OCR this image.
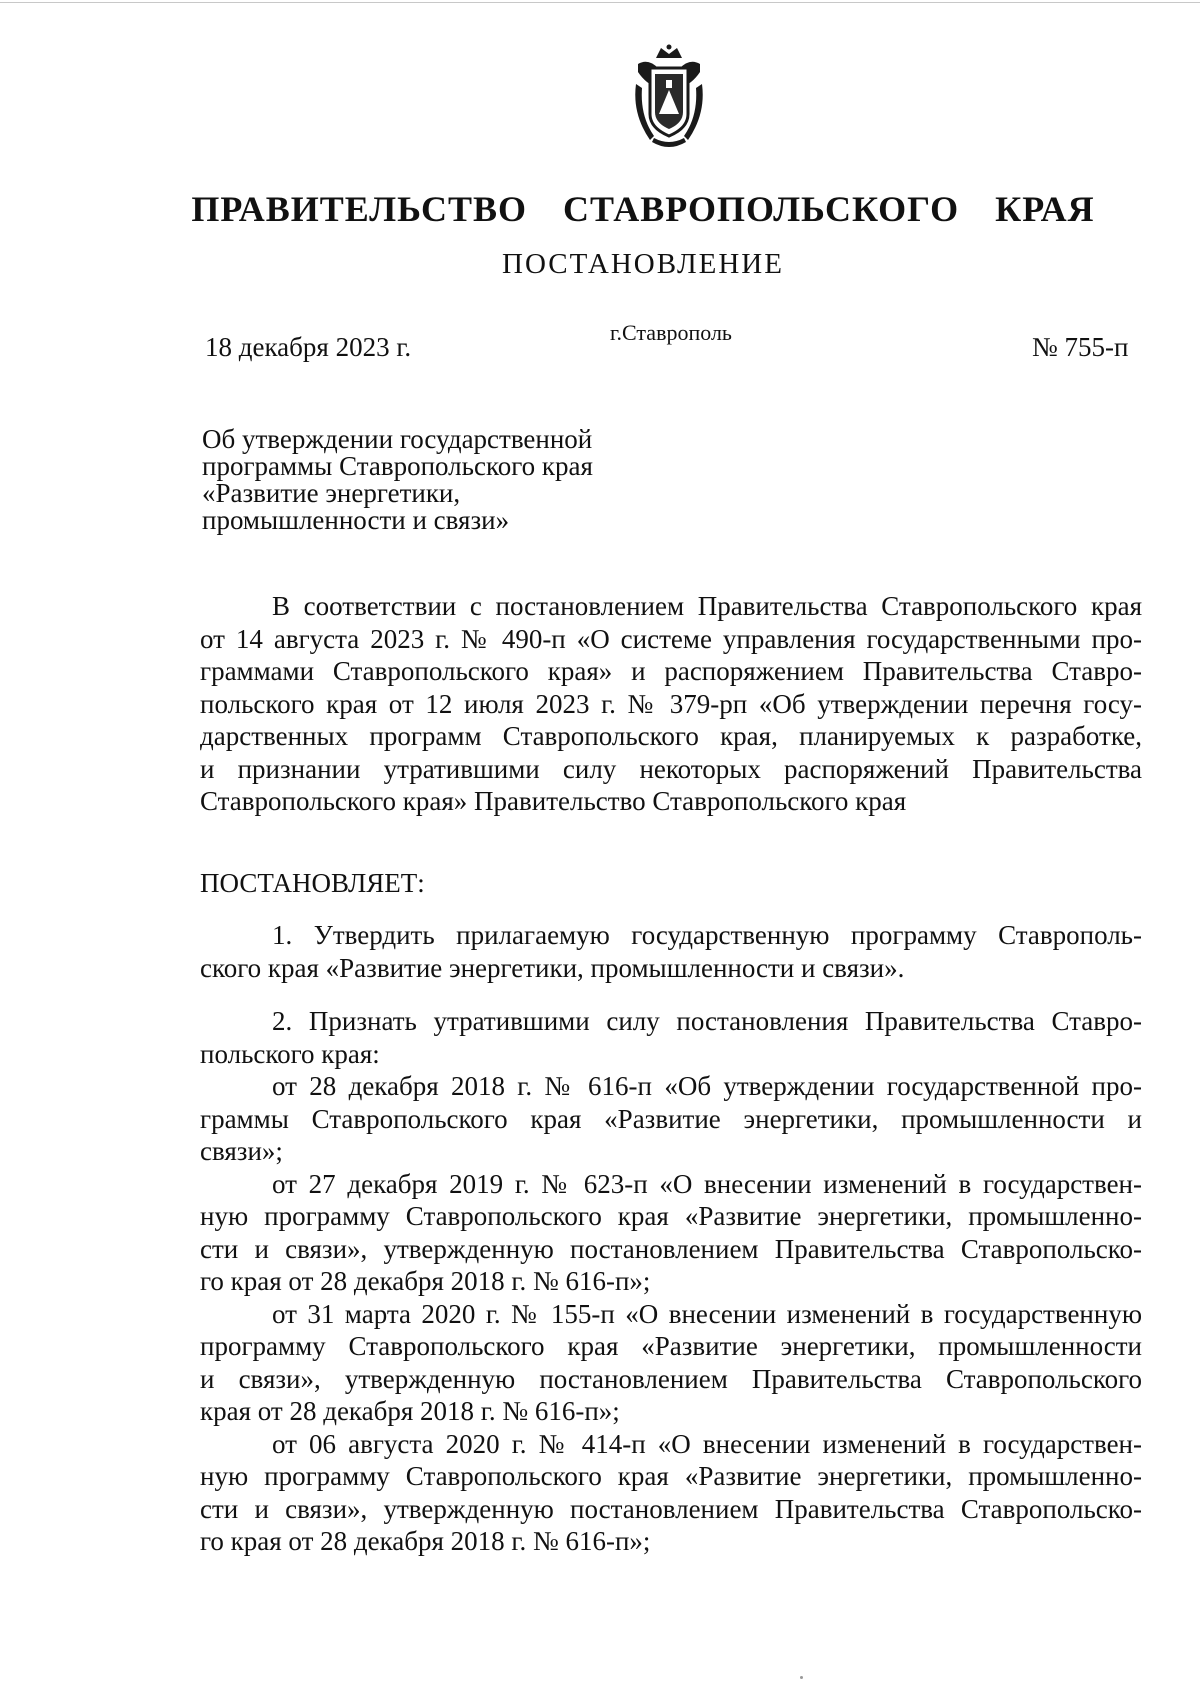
ПРАВИТЕЛЬСТВО СТАВРОПОЛЬСКОГО КРАЯ
ПОСТАНОВЛЕНИЕ
18 декабря 2023 г.	г.Ставрополь	№ 755-п
Об утверждении государственной
программы Ставропольского края
«Развитие энергетики,
промышленности и связи»
В соответствии с постановлением Правительства Ставропольского края
от 14 августа 2023 г. № 490-п «О системе управления государственными про-
граммами Ставропольского края» и распоряжением Правительства Ставро-
польского края от 12 июля 2023 г. № 379-рп «Об утверждении перечня госу-
дарственных программ Ставропольского края, планируемых к разработке,
и признании утратившими силу некоторых распоряжений Правительства
Ставропольского края» Правительство Ставропольского края
ПОСТАНОВЛЯЕТ:
1. Утвердить прилагаемую государственную программу Ставрополь-
ского края «Развитие энергетики, промышленности и связи».
2. Признать утратившими силу постановления Правительства Ставро-
польского края:
от 28 декабря 2018 г. № 616-п «Об утверждении государственной про-
граммы Ставропольского края «Развитие энергетики, промышленности и
связи»;
от 27 декабря 2019 г. № 623-п «О внесении изменений в государствен-
ную программу Ставропольского края «Развитие энергетики, промышленно-
сти и связи», утвержденную постановлением Правительства Ставропольско-
го края от 28 декабря 2018 г. № 616-п»;
от 31 марта 2020 г. № 155-п «О внесении изменений в государственную
программу Ставропольского края «Развитие энергетики, промышленности
и связи», утвержденную постановлением Правительства Ставропольского
края от 28 декабря 2018 г. № 616-п»;
от 06 августа 2020 г. № 414-п «О внесении изменений в государствен-
ную программу Ставропольского края «Развитие энергетики, промышленно-
сти и связи», утвержденную постановлением Правительства Ставропольско-
го края от 28 декабря 2018 г. № 616-п»;
